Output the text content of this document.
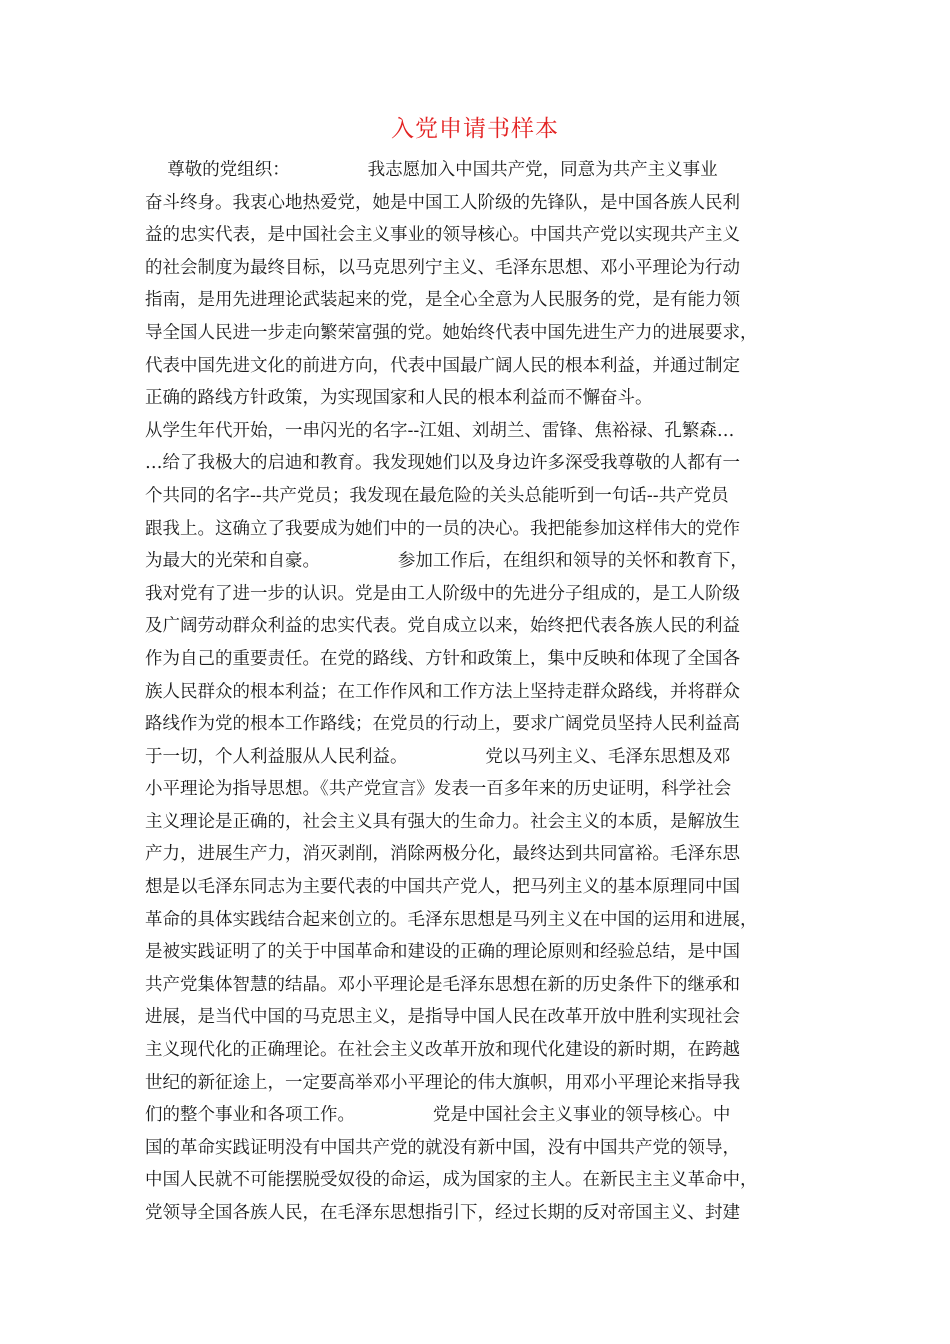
入党申请书样本
尊敬的党组织：              我志愿加入中国共产党，同意为共产主义事业
奋斗终身。我衷心地热爱党，她是中国工人阶级的先锋队，是中国各族人民利
益的忠实代表，是中国社会主义事业的领导核心。中国共产党以实现共产主义
的社会制度为最终目标，以马克思列宁主义、毛泽东思想、邓小平理论为行动
指南，是用先进理论武装起来的党，是全心全意为人民服务的党，是有能力领
导全国人民进一步走向繁荣富强的党。她始终代表中国先进生产力的进展要求，
代表中国先进文化的前进方向，代表中国最广阔人民的根本利益，并通过制定
正确的路线方针政策，为实现国家和人民的根本利益而不懈奋斗。
从学生年代开始，一串闪光的名字--江姐、刘胡兰、雷锋、焦裕禄、孔繁森…
…给了我极大的启迪和教育。我发现她们以及身边许多深受我尊敬的人都有一
个共同的名字--共产党员；我发现在最危险的关头总能听到一句话--共产党员
跟我上。这确立了我要成为她们中的一员的决心。我把能参加这样伟大的党作
为最大的光荣和自豪。              参加工作后，在组织和领导的关怀和教育下，
我对党有了进一步的认识。党是由工人阶级中的先进分子组成的，是工人阶级
及广阔劳动群众利益的忠实代表。党自成立以来，始终把代表各族人民的利益
作为自己的重要责任。在党的路线、方针和政策上，集中反映和体现了全国各
族人民群众的根本利益；在工作作风和工作方法上坚持走群众路线，并将群众
路线作为党的根本工作路线；在党员的行动上，要求广阔党员坚持人民利益高
于一切，个人利益服从人民利益。              党以马列主义、毛泽东思想及邓
小平理论为指导思想。《共产党宣言》发表一百多年来的历史证明，科学社会
主义理论是正确的，社会主义具有强大的生命力。社会主义的本质，是解放生
产力，进展生产力，消灭剥削，消除两极分化，最终达到共同富裕。毛泽东思
想是以毛泽东同志为主要代表的中国共产党人，把马列主义的基本原理同中国
革命的具体实践结合起来创立的。毛泽东思想是马列主义在中国的运用和进展，
是被实践证明了的关于中国革命和建设的正确的理论原则和经验总结，是中国
共产党集体智慧的结晶。邓小平理论是毛泽东思想在新的历史条件下的继承和
进展，是当代中国的马克思主义，是指导中国人民在改革开放中胜利实现社会
主义现代化的正确理论。在社会主义改革开放和现代化建设的新时期，在跨越
世纪的新征途上，一定要高举邓小平理论的伟大旗帜，用邓小平理论来指导我
们的整个事业和各项工作。              党是中国社会主义事业的领导核心。中
国的革命实践证明没有中国共产党的就没有新中国，没有中国共产党的领导，
中国人民就不可能摆脱受奴役的命运，成为国家的主人。在新民主主义革命中，
党领导全国各族人民，在毛泽东思想指引下，经过长期的反对帝国主义、封建
